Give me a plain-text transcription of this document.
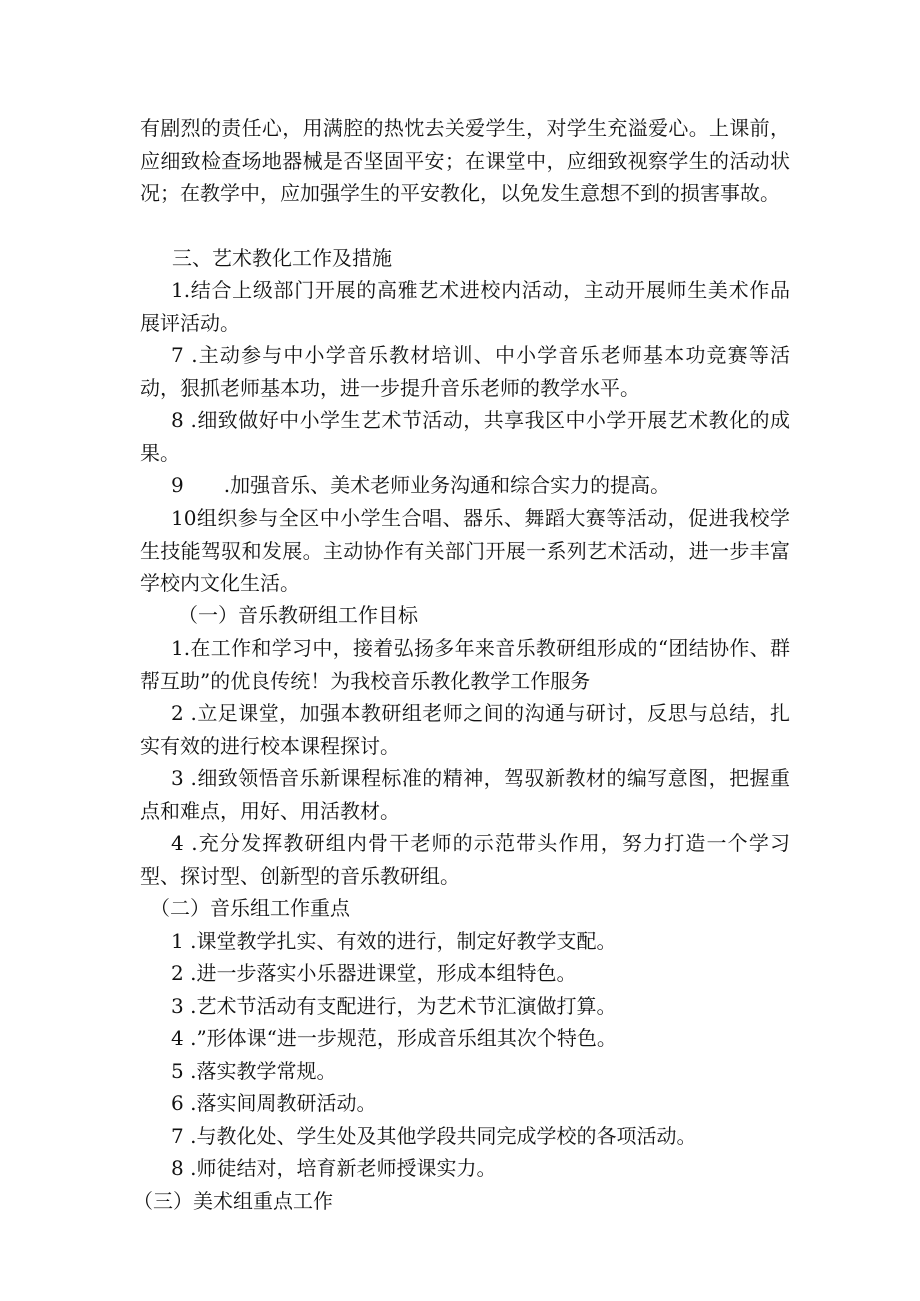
有剧烈的责任心，用满腔的热忱去关爱学生，对学生充溢爱心。上课前，应细致检查场地器械是否坚固平安；在课堂中，应细致视察学生的活动状况；在教学中，应加强学生的平安教化，以免发生意想不到的损害事故。
三、艺术教化工作及措施
1.结合上级部门开展的高雅艺术进校内活动，主动开展师生美术作品展评活动。
7 .主动参与中小学音乐教材培训、中小学音乐老师基本功竞赛等活动，狠抓老师基本功，进一步提升音乐老师的教学水平。
8 .细致做好中小学生艺术节活动，共享我区中小学开展艺术教化的成果。
9　　.加强音乐、美术老师业务沟通和综合实力的提高。
10组织参与全区中小学生合唱、器乐、舞蹈大赛等活动，促进我校学生技能驾驭和发展。主动协作有关部门开展一系列艺术活动，进一步丰富学校内文化生活。
（一）音乐教研组工作目标
1.在工作和学习中，接着弘扬多年来音乐教研组形成的“团结协作、群帮互助”的优良传统！为我校音乐教化教学工作服务
2 .立足课堂，加强本教研组老师之间的沟通与研讨，反思与总结，扎实有效的进行校本课程探讨。
3 .细致领悟音乐新课程标准的精神，驾驭新教材的编写意图，把握重点和难点，用好、用活教材。
4 .充分发挥教研组内骨干老师的示范带头作用，努力打造一个学习型、探讨型、创新型的音乐教研组。
（二）音乐组工作重点
1 .课堂教学扎实、有效的进行，制定好教学支配。
2 .进一步落实小乐器进课堂，形成本组特色。
3 .艺术节活动有支配进行，为艺术节汇演做打算。
4 .”形体课“进一步规范，形成音乐组其次个特色。
5 .落实教学常规。
6 .落实间周教研活动。
7 .与教化处、学生处及其他学段共同完成学校的各项活动。
8 .师徒结对，培育新老师授课实力。
（三）美术组重点工作
